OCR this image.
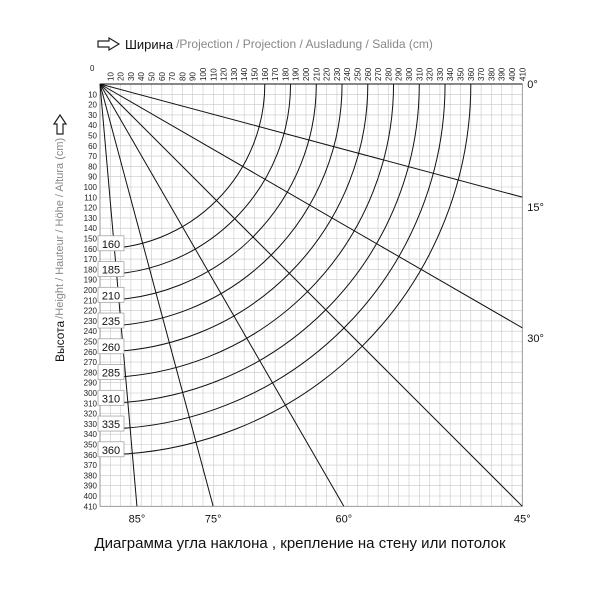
0
10 20 30 40 50 60 70 80 90 100 110 120 130 140 150 160 170 180 190 200 210 220 230 240 250 260 270 280 290 300 310 320 330 340 350 360 370 380 390 400 410
10
20
30
40
50
60
70
80
90
100
110
120
130
140
150
160
170
180
190
200
210
220
230
240
250
260
270
280
290
300
310
320
330
340
350
360
370
380
390
400
410
160
185
210
235
260
285
310
335
360
0°
15°
30°
45°
60°
75°
85°
Ширина /Projection / Projection / Ausladung / Salida (cm)
Высота
/Height / Hauteur / Höhe / Altura (cm)
Диаграмма угла наклона , крепление на стену или потолок
